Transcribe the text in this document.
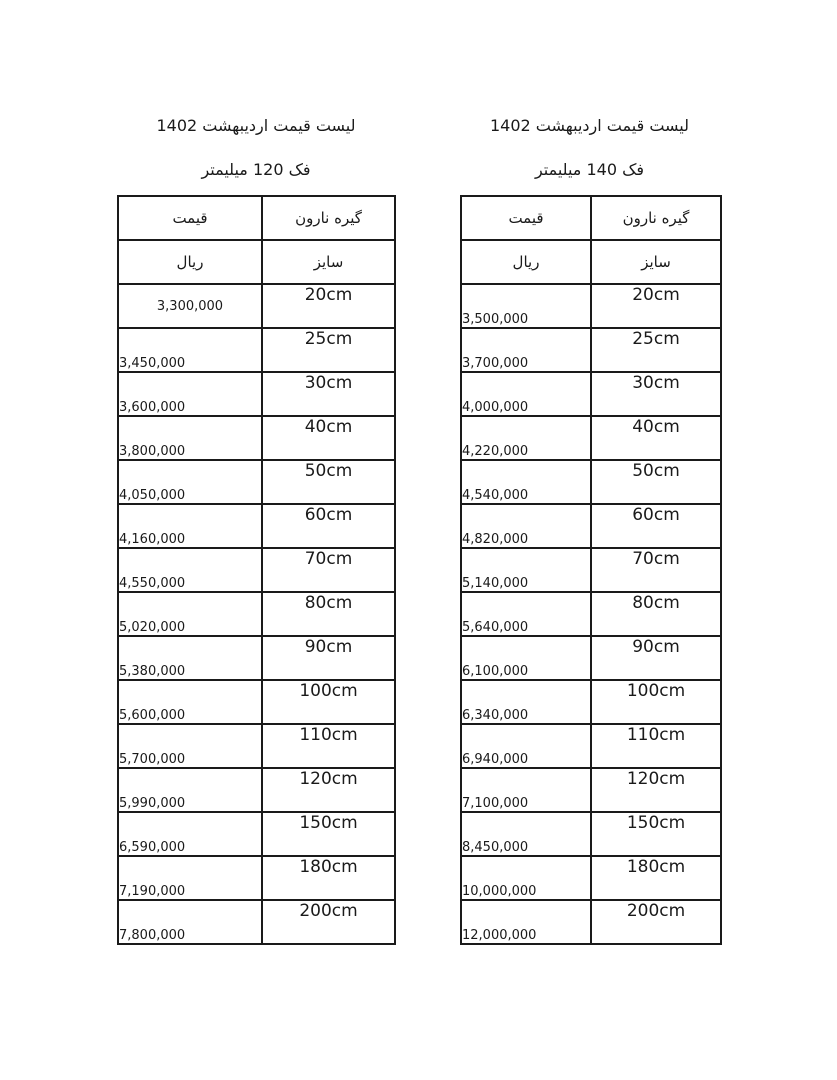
لیست قیمت اردیبهشت 1402
فک 120 میلیمتر
قیمت	گیره نارون
ریال	سایز
3,300,000	20cm
3,450,000	25cm
3,600,000	30cm
3,800,000	40cm
4,050,000	50cm
4,160,000	60cm
4,550,000	70cm
5,020,000	80cm
5,380,000	90cm
5,600,000	100cm
5,700,000	110cm
5,990,000	120cm
6,590,000	150cm
7,190,000	180cm
7,800,000	200cm
لیست قیمت اردیبهشت 1402
فک 140 میلیمتر
قیمت	گیره نارون
ریال	سایز
3,500,000	20cm
3,700,000	25cm
4,000,000	30cm
4,220,000	40cm
4,540,000	50cm
4,820,000	60cm
5,140,000	70cm
5,640,000	80cm
6,100,000	90cm
6,340,000	100cm
6,940,000	110cm
7,100,000	120cm
8,450,000	150cm
10,000,000	180cm
12,000,000	200cm
